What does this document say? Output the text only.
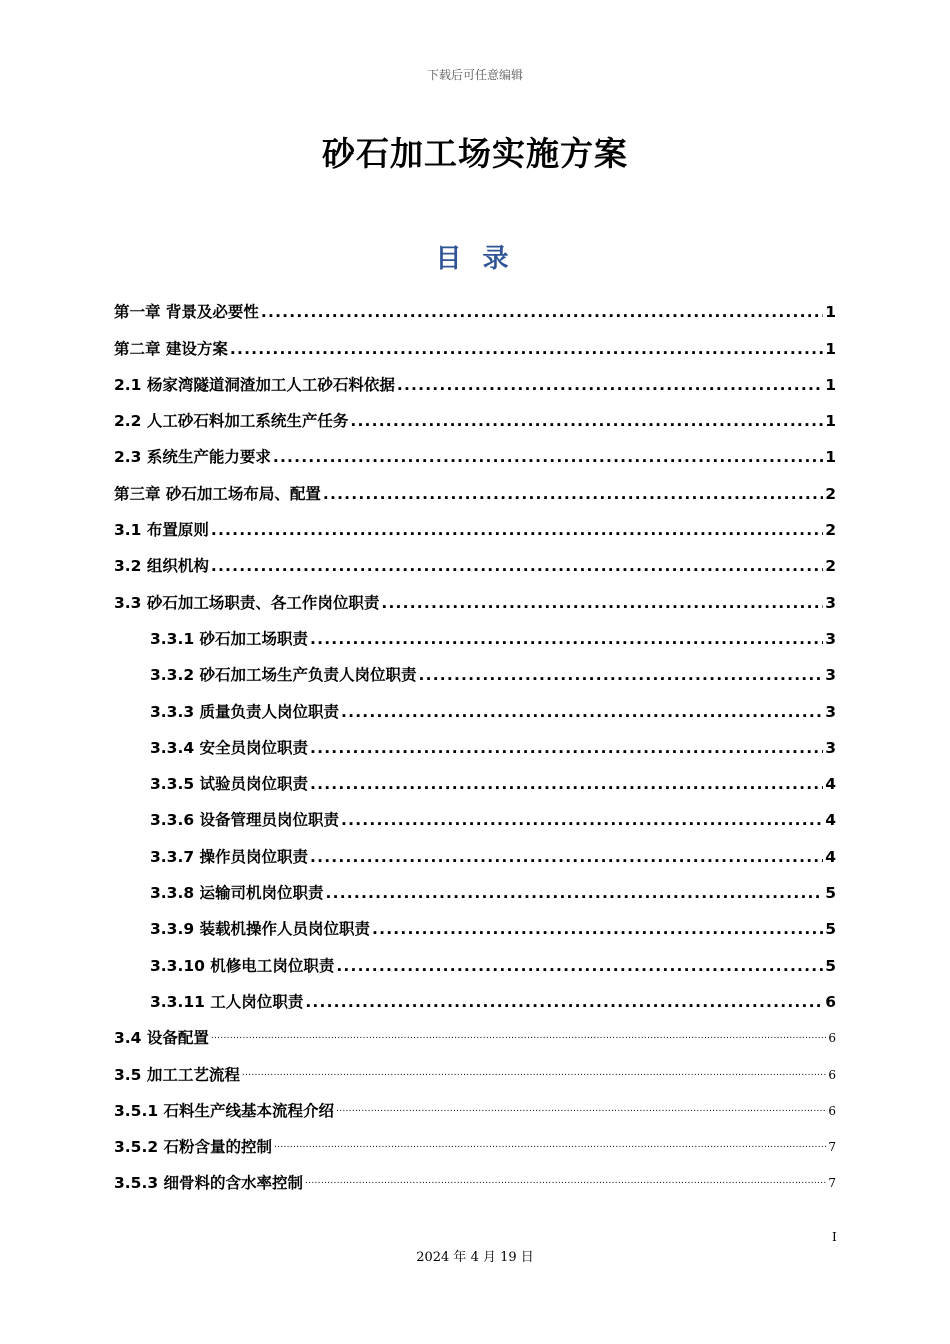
下载后可任意编辑
砂石加工场实施方案
目 录
第一章 背景及必要性 .....	1
第二章 建设方案 .....	1
2.1 杨家湾隧道洞渣加工人工砂石料依据 .....	1
2.2 人工砂石料加工系统生产任务 .....	1
2.3 系统生产能力要求 .....	1
第三章 砂石加工场布局、配置 .....	2
3.1 布置原则 .....	2
3.2 组织机构 .....	2
3.3 砂石加工场职责、各工作岗位职责 .....	3
3.3.1 砂石加工场职责 .....	3
3.3.2 砂石加工场生产负责人岗位职责 .....	3
3.3.3 质量负责人岗位职责 .....	3
3.3.4 安全员岗位职责 .....	3
3.3.5 试验员岗位职责 .....	4
3.3.6 设备管理员岗位职责 .....	4
3.3.7 操作员岗位职责 .....	4
3.3.8 运输司机岗位职责 .....	5
3.3.9 装载机操作人员岗位职责 .....	5
3.3.10 机修电工岗位职责 .....	5
3.3.11 工人岗位职责 .....	6
3.4 设备配置 .....	6
3.5 加工工艺流程 .....	6
3.5.1 石料生产线基本流程介绍 .....	6
3.5.2 石粉含量的控制 .....	7
3.5.3 细骨料的含水率控制 .....	7
I
2024 年 4 月 19 日
